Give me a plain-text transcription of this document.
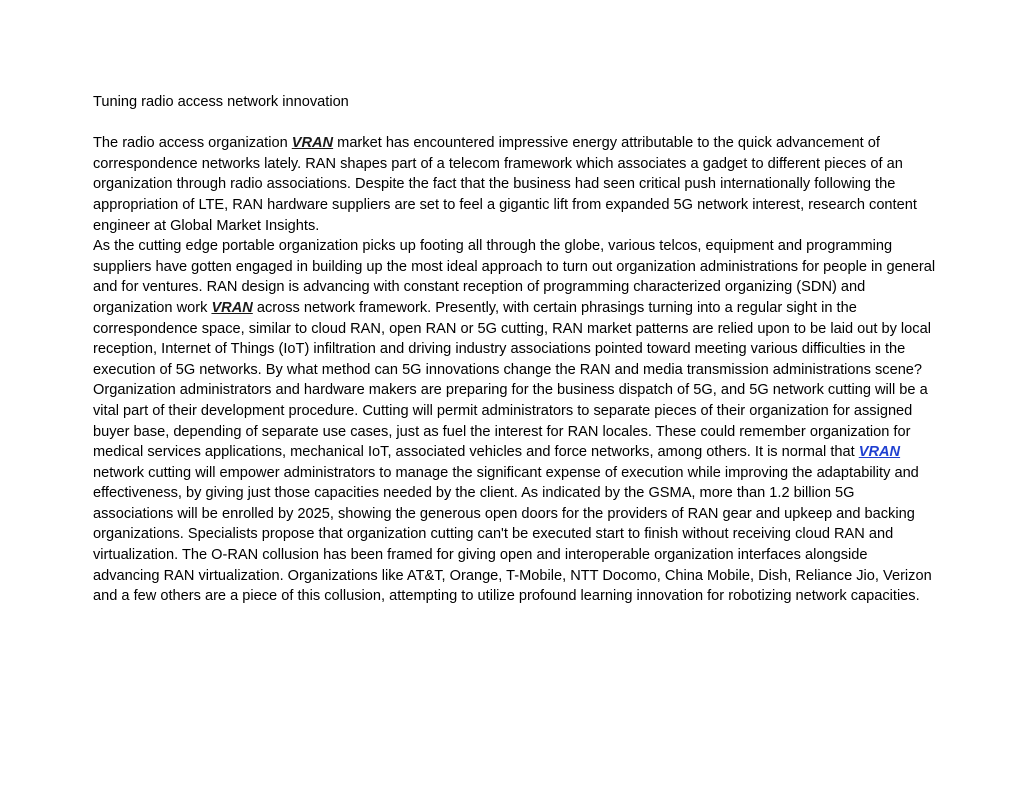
Tuning radio access network innovation

The radio access organization VRAN market has encountered impressive energy attributable to the quick advancement of correspondence networks lately. RAN shapes part of a telecom framework which associates a gadget to different pieces of an organization through radio associations. Despite the fact that the business had seen critical push internationally following the appropriation of LTE, RAN hardware suppliers are set to feel a gigantic lift from expanded 5G network interest, research content engineer at Global Market Insights.

As the cutting edge portable organization picks up footing all through the globe, various telcos, equipment and programming suppliers have gotten engaged in building up the most ideal approach to turn out organization administrations for people in general and for ventures. RAN design is advancing with constant reception of programming characterized organizing (SDN) and organization work VRAN across network framework. Presently, with certain phrasings turning into a regular sight in the correspondence space, similar to cloud RAN, open RAN or 5G cutting, RAN market patterns are relied upon to be laid out by local reception, Internet of Things (IoT) infiltration and driving industry associations pointed toward meeting various difficulties in the execution of 5G networks. By what method can 5G innovations change the RAN and media transmission administrations scene?

Organization administrators and hardware makers are preparing for the business dispatch of 5G, and 5G network cutting will be a vital part of their development procedure. Cutting will permit administrators to separate pieces of their organization for assigned buyer base, depending of separate use cases, just as fuel the interest for RAN locales. These could remember organization for medical services applications, mechanical IoT, associated vehicles and force networks, among others. It is normal that VRAN network cutting will empower administrators to manage the significant expense of execution while improving the adaptability and effectiveness, by giving just those capacities needed by the client. As indicated by the GSMA, more than 1.2 billion 5G associations will be enrolled by 2025, showing the generous open doors for the providers of RAN gear and upkeep and backing organizations. Specialists propose that organization cutting can't be executed start to finish without receiving cloud RAN and virtualization. The O-RAN collusion has been framed for giving open and interoperable organization interfaces alongside advancing RAN virtualization. Organizations like AT&T, Orange, T-Mobile, NTT Docomo, China Mobile, Dish, Reliance Jio, Verizon and a few others are a piece of this collusion, attempting to utilize profound learning innovation for robotizing network capacities.
